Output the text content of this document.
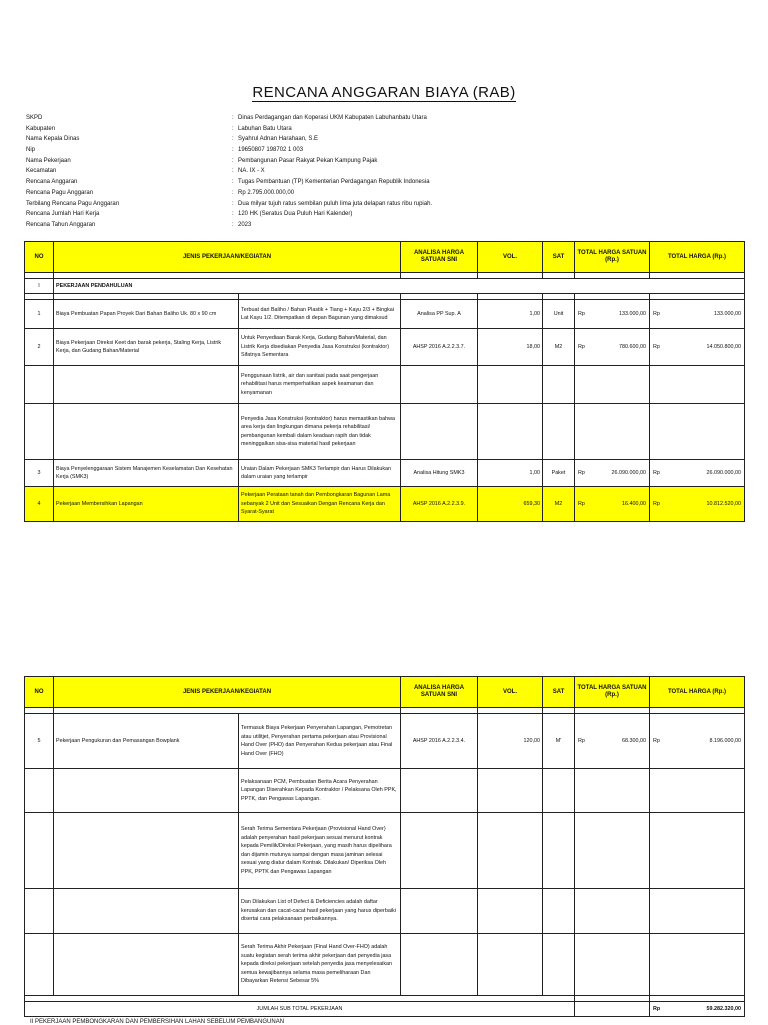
RENCANA ANGGARAN BIAYA (RAB)
SKPD	: Dinas Perdagangan dan Koperasi UKM Kabupaten Labuhanbatu Utara
Kabupaten	: Labuhan Batu Utara
Nama Kepala Dinas	: Syahrul Adnan Harahaan, S.E
Nip	: 19650807 198702 1 003
Nama Pekerjaan	: Pembangunan Pasar Rakyat Pekan Kampung Pajak
Kecamatan	: NA. IX - X
Rencana Anggaran	: Tugas Pembantuan (TP) Kementerian Perdagangan Republik Indonesia
Rencana Pagu Anggaran	: Rp 2.795.000.000,00
Terbilang Rencana Pagu Anggaran	: Dua milyar tujuh ratus sembilan puluh lima juta delapan ratus ribu rupiah.
Rencana Jumlah Hari Kerja	: 120 HK (Seratus Dua Puluh Hari Kalender)
Rencana Tahun Anggaran	: 2023
NO	JENIS PEKERJAAN/KEGIATAN		ANALISA HARGA SATUAN SNI	VOL.	SAT	TOTAL HARGA SATUAN (Rp.)	TOTAL HARGA (Rp.)

I	PEKERJAAN PENDAHULUAN						

1	Biaya Pembuatan Papan Proyek Dari Bahan Baliho Uk. 80 x 90 cm	Terbuat dari Baliho / Bahan Plastik + Tiang + Kayu 2/3 + Bingkai Lat Kayu 1/2. Ditempatkan di depan Bagunan yang dimaksud	Analisa PP Sup. A	1,00	Unit	Rp 133.000,00	Rp 133.000,00

2	Biaya Pekerjaan Direksi Keet dan barak pekerja, Staling Kerja, Listrik Kerja, dan Gudang Bahan/Material	Untuk Penyediaan Barak Kerja, Gudang Bahan/Material, dan Listrik Kerja disediakan Penyedia Jasa Konstruksi (kontraktor) Sifatnya Sementara	AHSP 2016 A.2.2.3.7.	18,00	M2	Rp 780.600,00	Rp 14.050.800,00

		Penggunaan listrik, air dan sanitasi pada saat pengerjaan rehabilitasi harus memperhatikan aspek keamanan dan kenyamanan					
		Penyedia Jasa Konstruksi (kontraktor) harus memastikan bahwa area kerja dan lingkungan dimana pekerja rehabilitasi/ pembangunan kembali dalam keadaan rapih dan tidak meninggalkan sisa-sisa material hasil pekerjaan					
3	Biaya Penyelenggaraan Sistem Manajemen Keselamatan Dan Kesehatan Kerja (SMK3)	Uraian Dalam Pekerjaan SMK3 Terlampir dan Harus Dilakukan dalam uraian yang terlampir	Analisa Hitung SMK3	1,00	Paket	Rp 26.090.000,00	Rp 26.090.000,00

4	Pekerjaan Membersihkan Lapangan	Pekerjaan Perataan tanah dan Pembongkaran Bagunan Lama sebanyak 2 Unit dan Sesuaikan Dengan Rencana Kerja dan Syarat-Syarat	AHSP 2016 A.2.2.3.9.	659,30	M2	Rp 16.400,00	Rp 10.812.520,00
NO	JENIS PEKERJAAN/KEGIATAN		ANALISA HARGA SATUAN SNI	VOL.	SAT	TOTAL HARGA SATUAN (Rp.)	TOTAL HARGA (Rp.)

5	Pekerjaan Pengukuran dan Pemasangan Bowplank	Termasuk Biaya Pekerjaan Penyerahan Lapangan, Pemotretan atau utilitjet, Penyerahan pertama pekerjaan atau Provisional Hand Over (PHO) dan Penyerahan Kedua pekerjaan atau Final Hand Over (FHO)	AHSP 2016 A.2.2.3.4.	120,00	M'	Rp 68.300,00	Rp 8.196.000,00

		Pelaksanaan PCM, Pembuatan Berita Acara Penyerahan Lapangan Diserahkan Kepada Kontraktor / Pelaksana Oleh PPK, PPTK, dan Pengawas Lapangan.					
		Serah Terima Sementara Pekerjaan (Provisional Hand Over) adalah penyerahan hasil pekerjaan sesuai menurut kontrak kepada Pemilik/Direksi Pekerjaan, yang masih harus dipelihara dan dijamin mutunya sampai dengan masa jaminan selesai sesuai yang diatur dalam Kontrak. Dilakukan/ Diperiksa Oleh PPK, PPTK dan Pengawas Lapangan					
		Dan Dilakukan List of Defect & Deficiencies adalah daftar kerusakan dan cacat-cacat hasil pekerjaan yang harus diperbaiki disertai cara pelaksanaan perbaikannya.					
		Serah Terima Akhir Pekerjaan (Final Hand Over-FHO) adalah suatu kegiatan serah terima akhir pekerjaan dari penyedia jasa kepada direksi pekerjaan setelah penyedia jasa menyelesaikan semua kewajibannya selama masa pemeliharaan Dan Dibayarkan Retensi Sebesar 5%					

JUMLAH SUB TOTAL PEKERJAAN							Rp 59.282.320,00
II PEKERJAAN PEMBONGKARAN DAN PEMBERSIHAN LAHAN SEBELUM PEMBANGUNAN
